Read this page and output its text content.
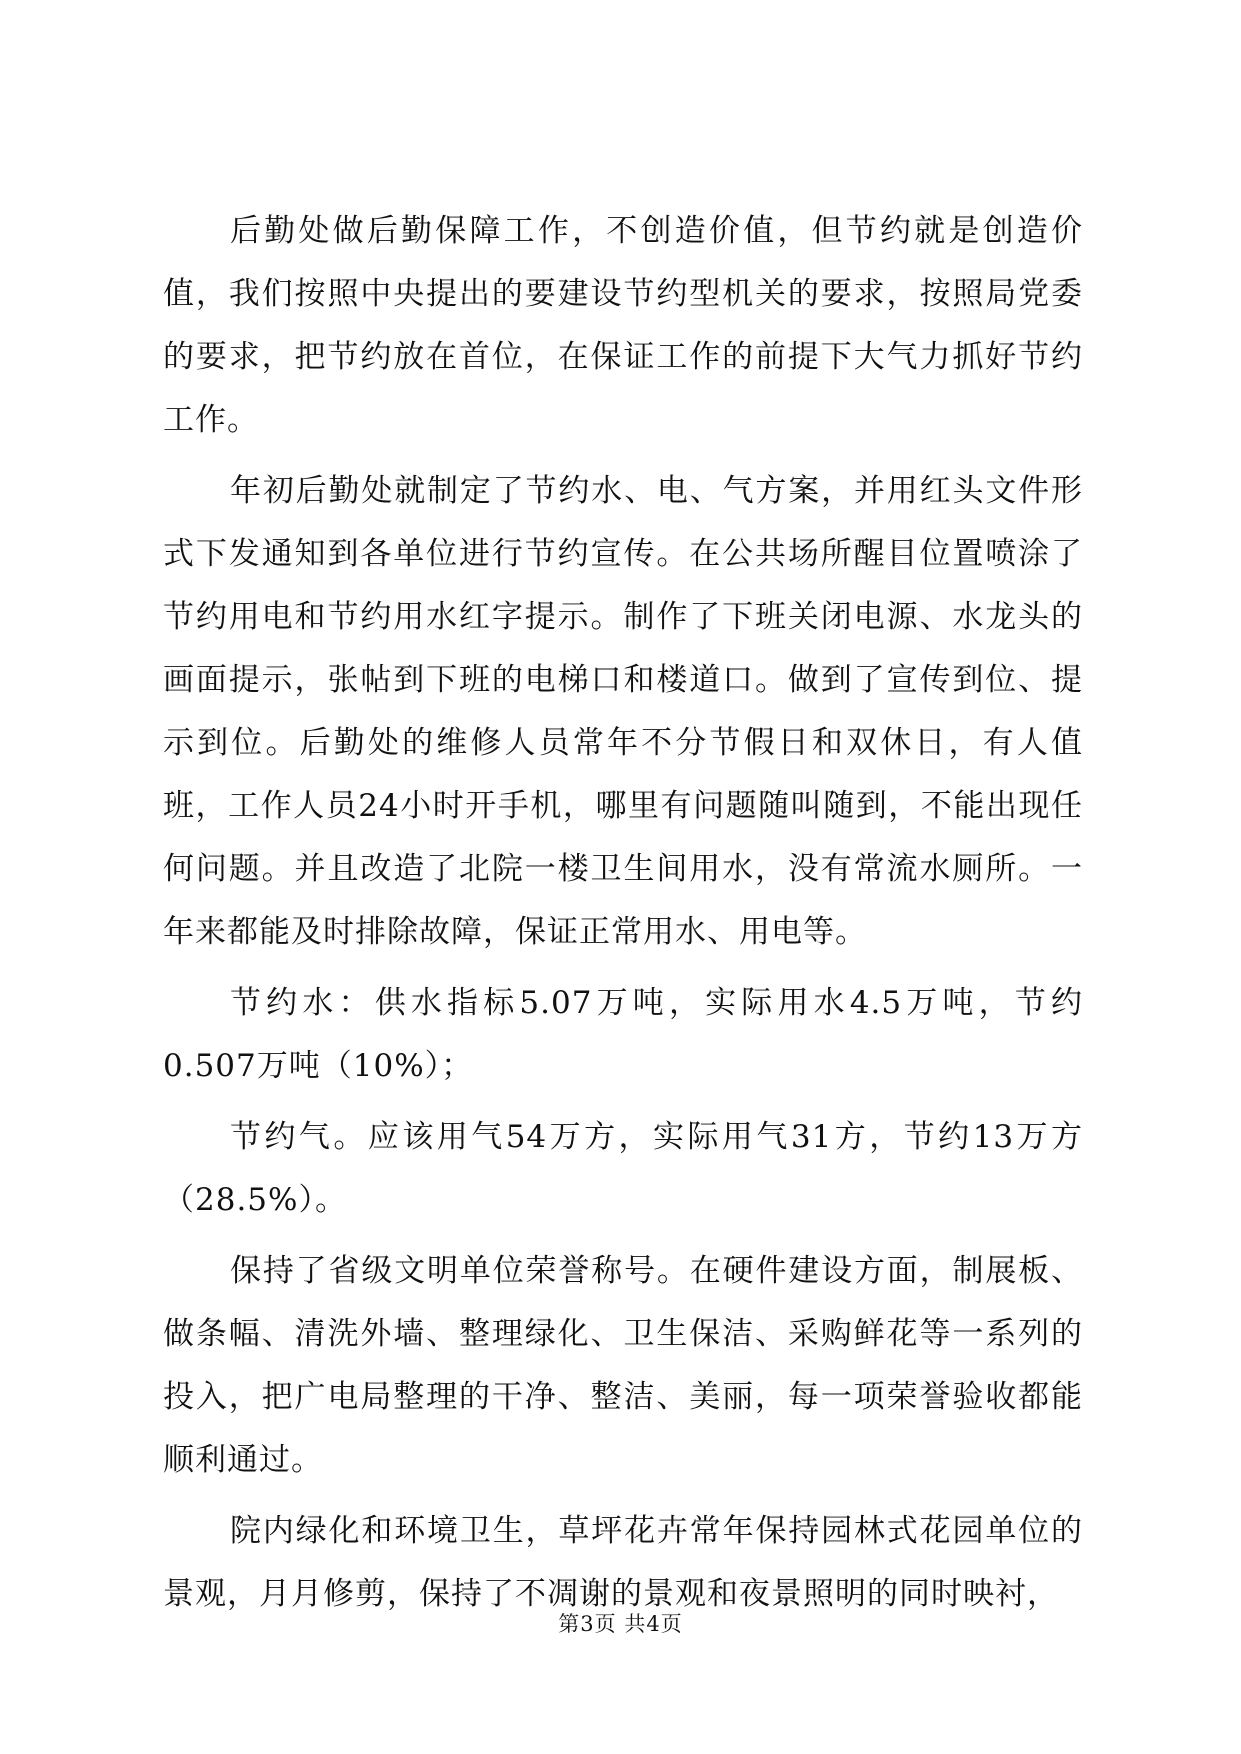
后勤处做后勤保障工作，不创造价值，但节约就是创造价值，我们按照中央提出的要建设节约型机关的要求，按照局党委的要求，把节约放在首位，在保证工作的前提下大气力抓好节约工作。

年初后勤处就制定了节约水、电、气方案，并用红头文件形式下发通知到各单位进行节约宣传。在公共场所醒目位置喷涂了节约用电和节约用水红字提示。制作了下班关闭电源、水龙头的画面提示，张帖到下班的电梯口和楼道口。做到了宣传到位、提示到位。后勤处的维修人员常年不分节假日和双休日，有人值班，工作人员24小时开手机，哪里有问题随叫随到，不能出现任何问题。并且改造了北院一楼卫生间用水，没有常流水厕所。一年来都能及时排除故障，保证正常用水、用电等。

节约水：供水指标5.07万吨，实际用水4.5万吨，节约0.507万吨（10%）；

节约气。应该用气54万方，实际用气31方，节约13万方（28.5%）。

保持了省级文明单位荣誉称号。在硬件建设方面，制展板、做条幅、清洗外墙、整理绿化、卫生保洁、采购鲜花等一系列的投入，把广电局整理的干净、整洁、美丽，每一项荣誉验收都能顺利通过。

院内绿化和环境卫生，草坪花卉常年保持园林式花园单位的景观，月月修剪，保持了不凋谢的景观和夜景照明的同时映衬，

第3页 共4页
